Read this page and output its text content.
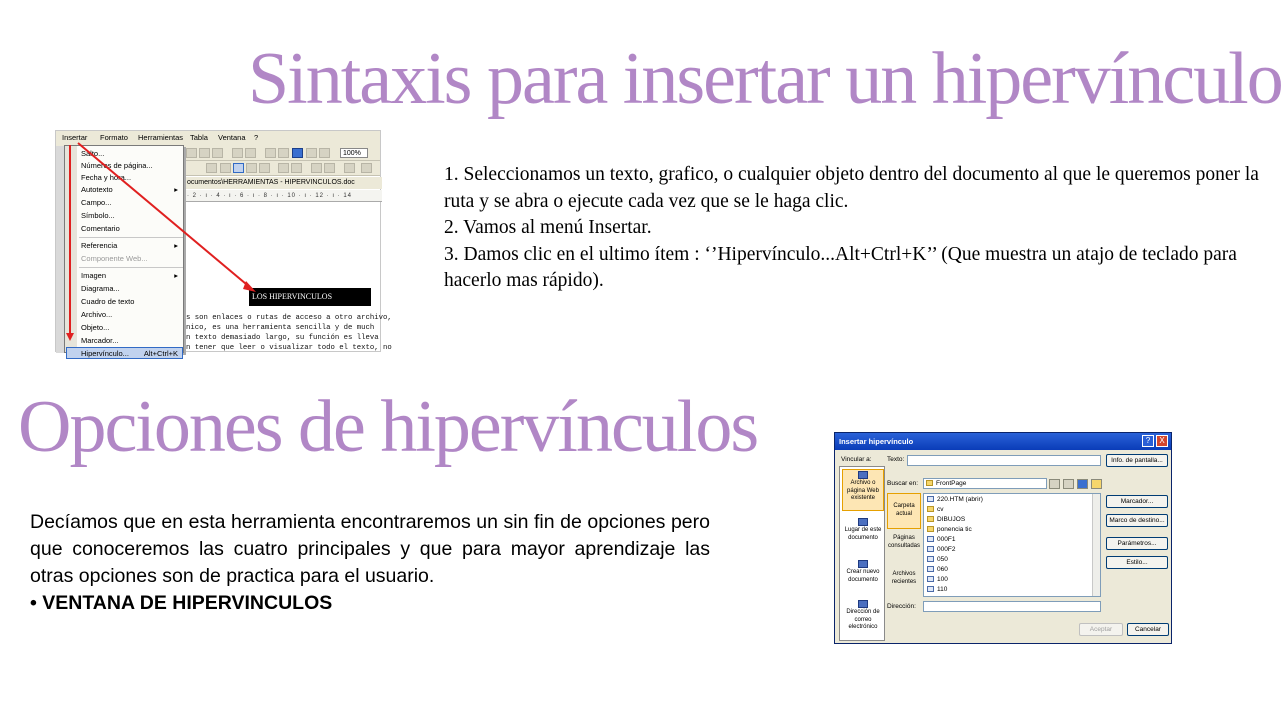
Sintaxis para insertar un hipervínculo
Opciones de hipervínculos

1. Seleccionamos un texto, grafico, o cualquier objeto dentro del documento al que le queremos poner la ruta y se abra o ejecute cada vez que se le haga clic.

2. Vamos al menú Insertar.

3. Damos clic en el ultimo ítem : ‘’Hipervínculo...Alt+Ctrl+K’’ (Que muestra un atajo de teclado para hacerlo mas rápido).

Decíamos que en esta herramienta encontraremos un sin fin de opciones pero que conoceremos las cuatro principales y que para mayor aprendizaje las otras opciones son de practica para el usuario.
• VENTANA DE HIPERVINCULOS
Insertar Formato Herramientas Tabla Ventana ?
100%
ocumentos\HERRAMIENTAS - HIPERVINCULOS.doc
· 2 · ı · 4 · ı · 6 · ı · 8 · ı · 10 · ı · 12 · ı · 14
Salto...
Números de página...
Fecha y hora...
Autotexto	▸
Campo...
Símbolo...
Comentario
Referencia	▸
Componente Web...
Imagen	▸
Diagrama...
Cuadro de texto
Archivo...
Objeto...
Marcador...
Hipervínculo... Alt+Ctrl+K
LOS HIPERVINCULOS
s son enlaces o rutas de acceso a otro archivo,
nico, es una herramienta sencilla y de much
n texto demasiado largo, su función es lleva
n tener que leer o visualizar todo el texto, no
Insertar hipervínculo	?	X
Vincular a: Texto:	Info. de pantalla...
Buscar en:	FrontPage
Archivo o página Web existente
Lugar de este documento
Crear nuevo documento
Dirección de correo electrónico
Carpeta actual
Páginas consultadas
Archivos recientes
220.HTM (abrir)
cv
DIBUJOS
ponencia tic
000F1
000F2
050
060
100
110
Marcador...
Marco de destino...
Parámetros...
Estilo...
Dirección:
Aceptar	Cancelar
